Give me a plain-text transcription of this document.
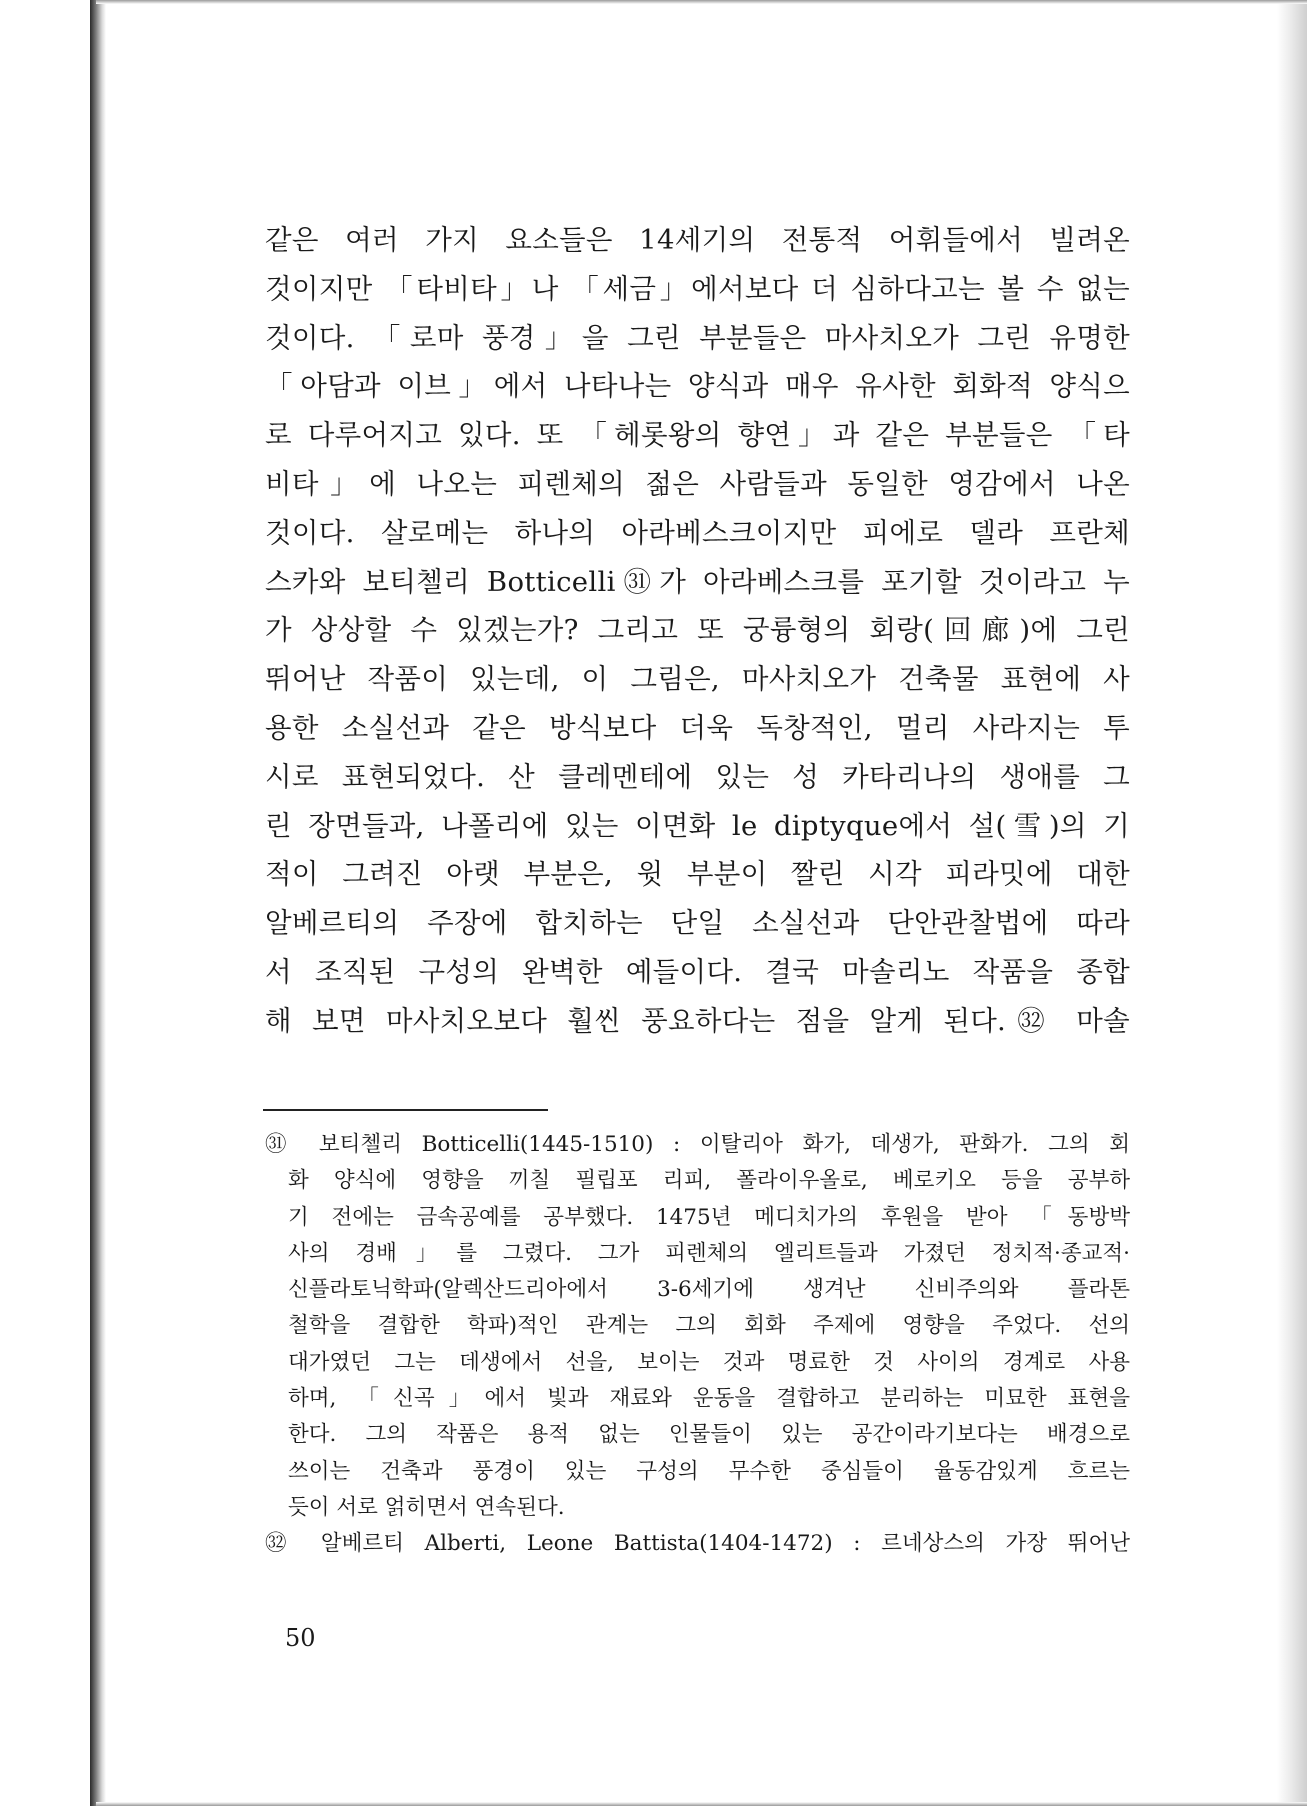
같은 여러 가지 요소들은 14세기의 전통적 어휘들에서 빌려온
것이지만 「타비타」나 「세금」에서보다 더 심하다고는 볼 수 없는
것이다. 「로마 풍경」을 그린 부분들은 마사치오가 그린 유명한
「아담과 이브」에서 나타나는 양식과 매우 유사한 회화적 양식으
로 다루어지고 있다. 또 「헤롯왕의 향연」과 같은 부분들은 「타
비타」에 나오는 피렌체의 젊은 사람들과 동일한 영감에서 나온
것이다. 살로메는 하나의 아라베스크이지만 피에로 델라 프란체
스카와 보티첼리 Botticelli㉛가 아라베스크를 포기할 것이라고 누
가 상상할 수 있겠는가? 그리고 또 궁륭형의 회랑(回廊)에 그린
뛰어난 작품이 있는데, 이 그림은, 마사치오가 건축물 표현에 사
용한 소실선과 같은 방식보다 더욱 독창적인, 멀리 사라지는 투
시로 표현되었다. 산 클레멘테에 있는 성 카타리나의 생애를 그
린 장면들과, 나폴리에 있는 이면화 le diptyque에서 설(雪)의 기
적이 그려진 아랫 부분은, 윗 부분이 짤린 시각 피라밋에 대한
알베르티의 주장에 합치하는 단일 소실선과 단안관찰법에 따라
서 조직된 구성의 완벽한 예들이다. 결국 마솔리노 작품을 종합
해 보면 마사치오보다 훨씬 풍요하다는 점을 알게 된다.㉜ 마솔
㉛ 보티첼리 Botticelli(1445-1510) : 이탈리아 화가, 데생가, 판화가. 그의 회
화 양식에 영향을 끼칠 필립포 리피, 폴라이우올로, 베로키오 등을 공부하
기 전에는 금속공예를 공부했다. 1475년 메디치가의 후원을 받아 「동방박
사의 경배」를 그렸다. 그가 피렌체의 엘리트들과 가졌던 정치적·종교적·
신플라토닉학파(알렉산드리아에서 3-6세기에 생겨난 신비주의와 플라톤
철학을 결합한 학파)적인 관계는 그의 회화 주제에 영향을 주었다. 선의
대가였던 그는 데생에서 선을, 보이는 것과 명료한 것 사이의 경계로 사용
하며, 「신곡」에서 빛과 재료와 운동을 결합하고 분리하는 미묘한 표현을
한다. 그의 작품은 용적 없는 인물들이 있는 공간이라기보다는 배경으로
쓰이는 건축과 풍경이 있는 구성의 무수한 중심들이 율동감있게 흐르는
듯이 서로 얽히면서 연속된다.
㉜ 알베르티 Alberti, Leone Battista(1404-1472) : 르네상스의 가장 뛰어난
50
